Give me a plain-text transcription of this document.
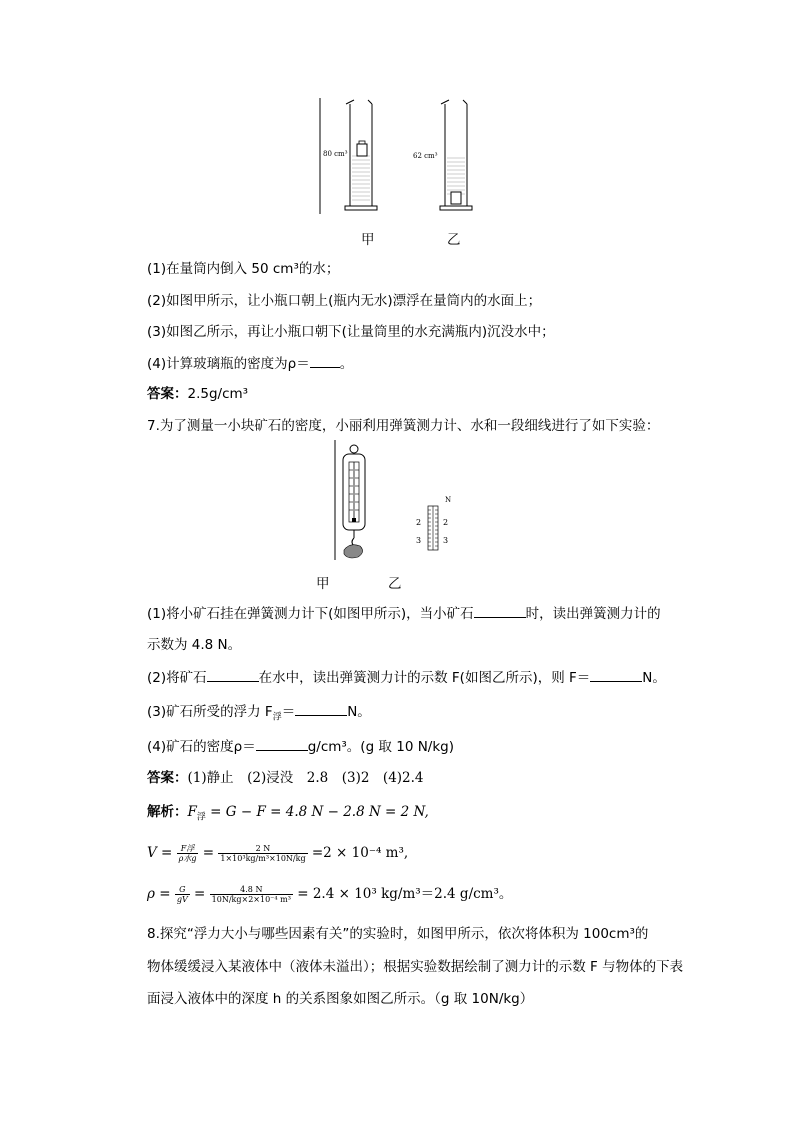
80 cm³	62 cm³
甲	乙
(1)在量筒内倒入 50 cm³的水；
(2)如图甲所示，让小瓶口朝上(瓶内无水)漂浮在量筒内的水面上；
(3)如图乙所示，再让小瓶口朝下(让量筒里的水充满瓶内)沉没水中；
(4)计算玻璃瓶的密度为ρ＝ 。
答案：2.5g/cm³
7.为了测量一小块矿石的密度，小丽利用弹簧测力计、水和一段细线进行了如下实验：
N
2	2
3	3
甲	乙
(1)将小矿石挂在弹簧测力计下(如图甲所示)，当小矿石	时，读出弹簧测力计的
示数为 4.8 N。
(2)将矿石	在水中，读出弹簧测力计的示数 F(如图乙所示)，则 F＝	N。
(3)矿石所受的浮力 $F_浮=$	N。
(4)矿石的密度ρ＝	g/cm³。(g 取 10 N/kg)
答案：(1)静止　(2)浸没　2.8　(3)2　(4)2.4
解析：$F_浮 = G - F = 4.8$ N − 2.8 N = 2 N,
$V = \frac{\text{F浮}}{\text{ρ水g}} = \frac{2 N}{\text{1×10³kg/m³×10N/kg}} =2 \times 10^{-4}$ m³,
$\rho = \frac{G}{gV} = \frac{4.8 N}{\text{10N/kg×2×10⁻⁴ m³}} = 2.4 \times 10^3$ kg/m³＝2.4 g/cm³。
8.探究“浮力大小与哪些因素有关”的实验时，如图甲所示，依次将体积为 100cm³的
物体缓缓浸入某液体中（液体未溢出）；根据实验数据绘制了测力计的示数 F 与物体的下表
面浸入液体中的深度 h 的关系图象如图乙所示。（g 取 10N/kg）
